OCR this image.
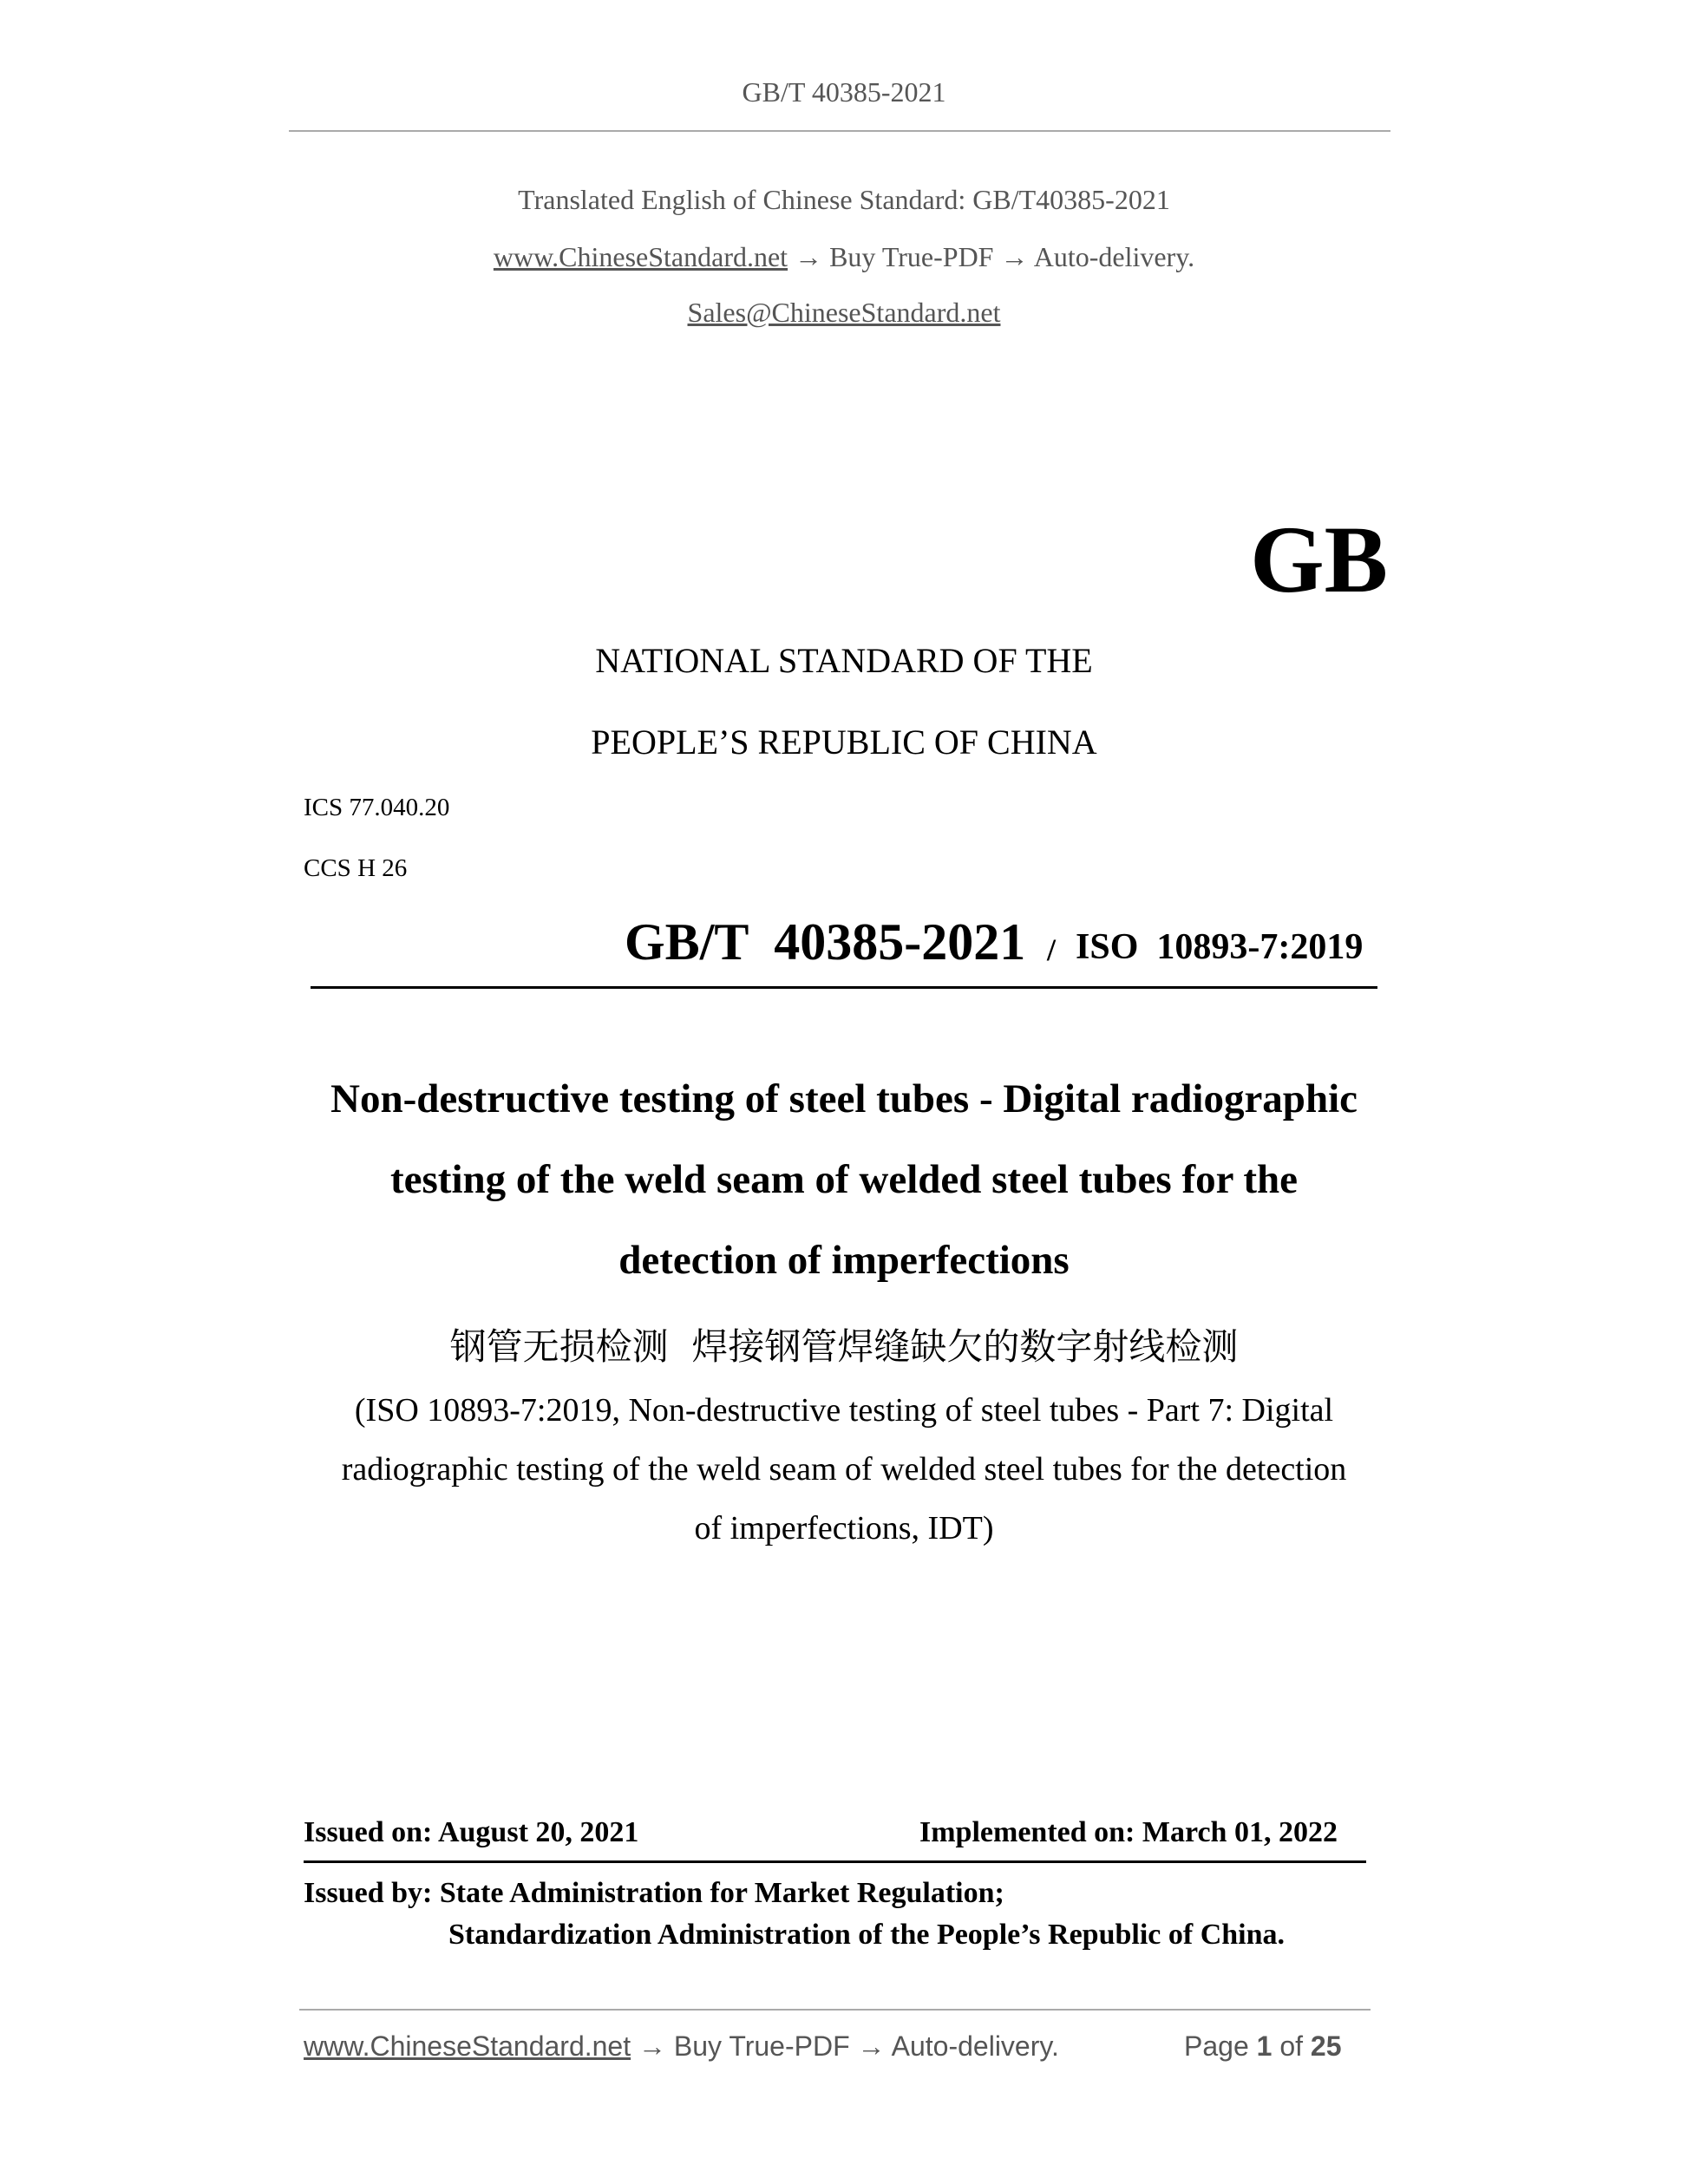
GB/T 40385-2021
Translated English of Chinese Standard: GB/T40385-2021
www.ChineseStandard.net → Buy True-PDF → Auto-delivery.
Sales@ChineseStandard.net
GB
NATIONAL STANDARD OF THE
PEOPLE’S REPUBLIC OF CHINA
ICS 77.040.20
CCS H 26
GB/T  40385-2021 / ISO  10893-7:2019
Non-destructive testing of steel tubes - Digital radiographic
testing of the weld seam of welded steel tubes for the
detection of imperfections
钢管无损检测  焊接钢管焊缝缺欠的数字射线检测
(ISO 10893-7:2019, Non-destructive testing of steel tubes - Part 7: Digital
radiographic testing of the weld seam of welded steel tubes for the detection
of imperfections, IDT)
Issued on: August 20, 2021	Implemented on: March 01, 2022
Issued by: State Administration for Market Regulation;
Standardization Administration of the People’s Republic of China.
www.ChineseStandard.net → Buy True-PDF → Auto-delivery.	Page 1 of 25
